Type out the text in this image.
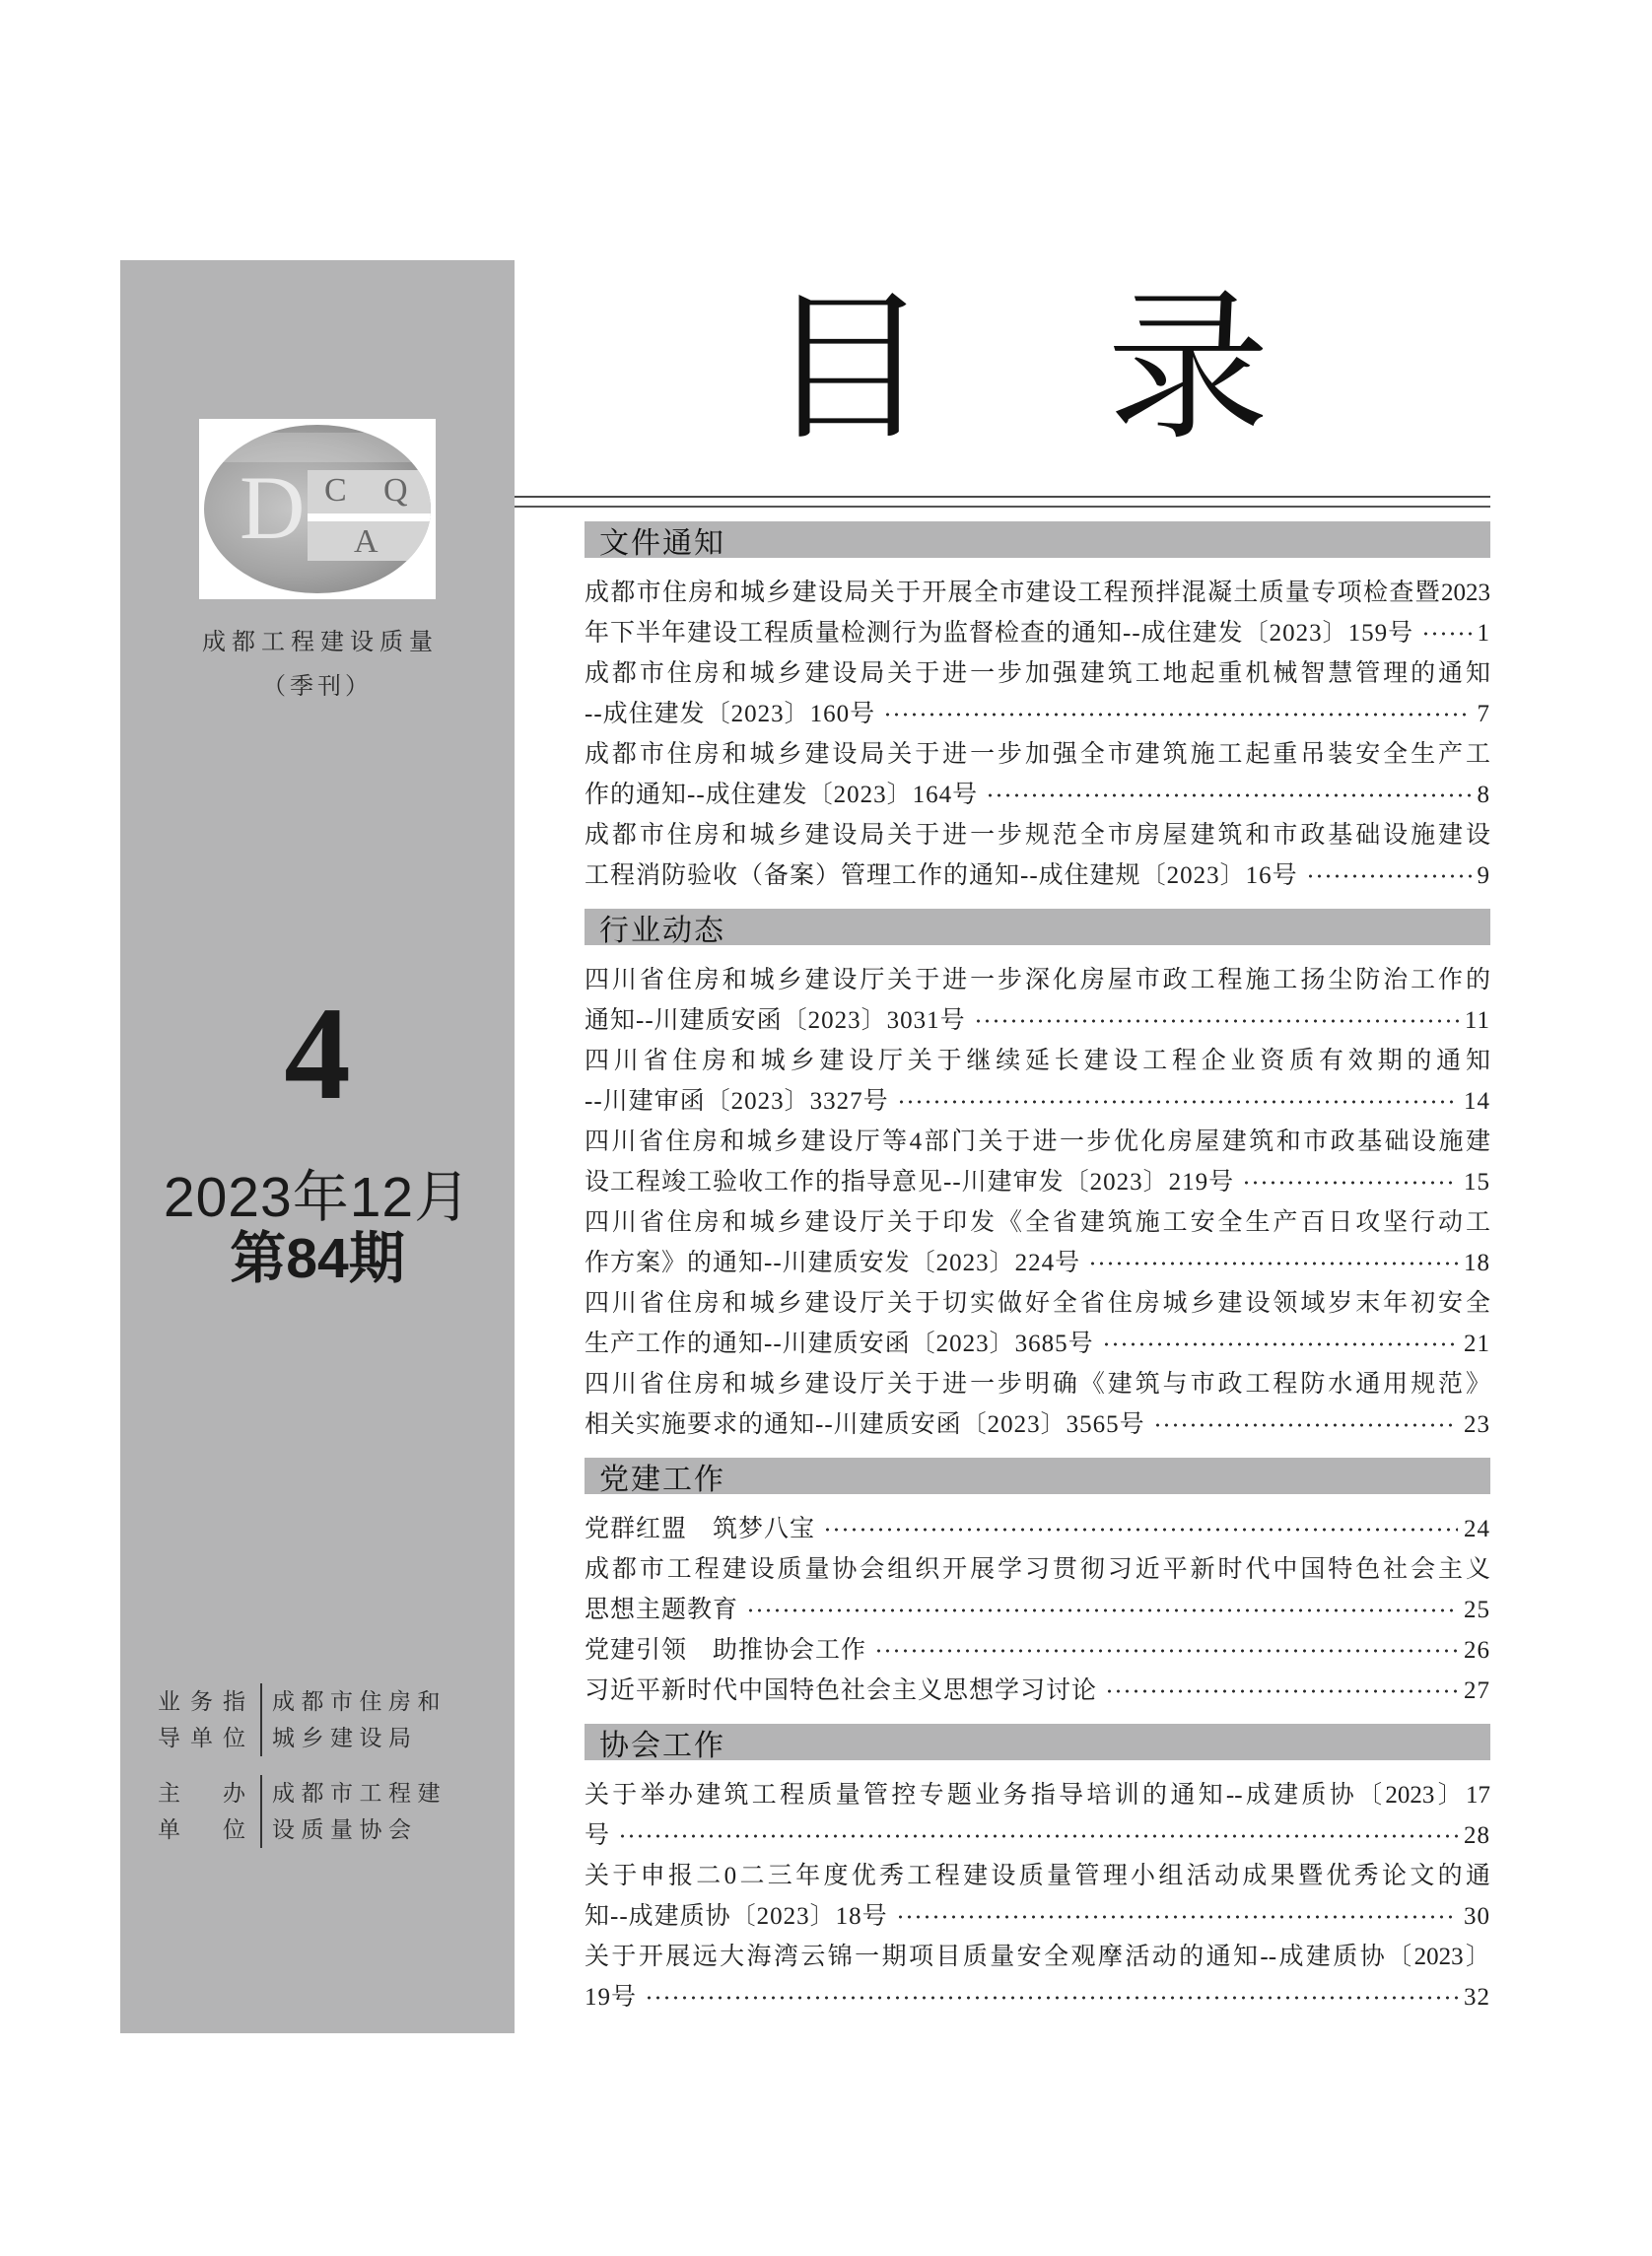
D C Q
A
成都工程建设质量
（季刊）
4
2023年12月
第84期
业务指
导单位
成都市住房和
城乡建设局
主办
单位
成都市工程建
设质量协会
目录
文件通知
成都市住房和城乡建设局关于开展全市建设工程预拌混凝土质量专项检查暨2023
年下半年建设工程质量检测行为监督检查的通知--成住建发〔2023〕159号	1
成都市住房和城乡建设局关于进一步加强建筑工地起重机械智慧管理的通知
--成住建发〔2023〕160号	7
成都市住房和城乡建设局关于进一步加强全市建筑施工起重吊装安全生产工
作的通知--成住建发〔2023〕164号	8
成都市住房和城乡建设局关于进一步规范全市房屋建筑和市政基础设施建设
工程消防验收（备案）管理工作的通知--成住建规〔2023〕16号	9
行业动态
四川省住房和城乡建设厅关于进一步深化房屋市政工程施工扬尘防治工作的
通知--川建质安函〔2023〕3031号	11
四川省住房和城乡建设厅关于继续延长建设工程企业资质有效期的通知
--川建审函〔2023〕3327号	14
四川省住房和城乡建设厅等4部门关于进一步优化房屋建筑和市政基础设施建
设工程竣工验收工作的指导意见--川建审发〔2023〕219号	15
四川省住房和城乡建设厅关于印发《全省建筑施工安全生产百日攻坚行动工
作方案》的通知--川建质安发〔2023〕224号	18
四川省住房和城乡建设厅关于切实做好全省住房城乡建设领域岁末年初安全
生产工作的通知--川建质安函〔2023〕3685号	21
四川省住房和城乡建设厅关于进一步明确《建筑与市政工程防水通用规范》
相关实施要求的通知--川建质安函〔2023〕3565号	23
党建工作
党群红盟　筑梦八宝	24
成都市工程建设质量协会组织开展学习贯彻习近平新时代中国特色社会主义
思想主题教育	25
党建引领　助推协会工作	26
习近平新时代中国特色社会主义思想学习讨论	27
协会工作
关于举办建筑工程质量管控专题业务指导培训的通知--成建质协〔2023〕17
号	28
关于申报二0二三年度优秀工程建设质量管理小组活动成果暨优秀论文的通
知--成建质协〔2023〕18号	30
关于开展远大海湾云锦一期项目质量安全观摩活动的通知--成建质协〔2023〕
19号	32
